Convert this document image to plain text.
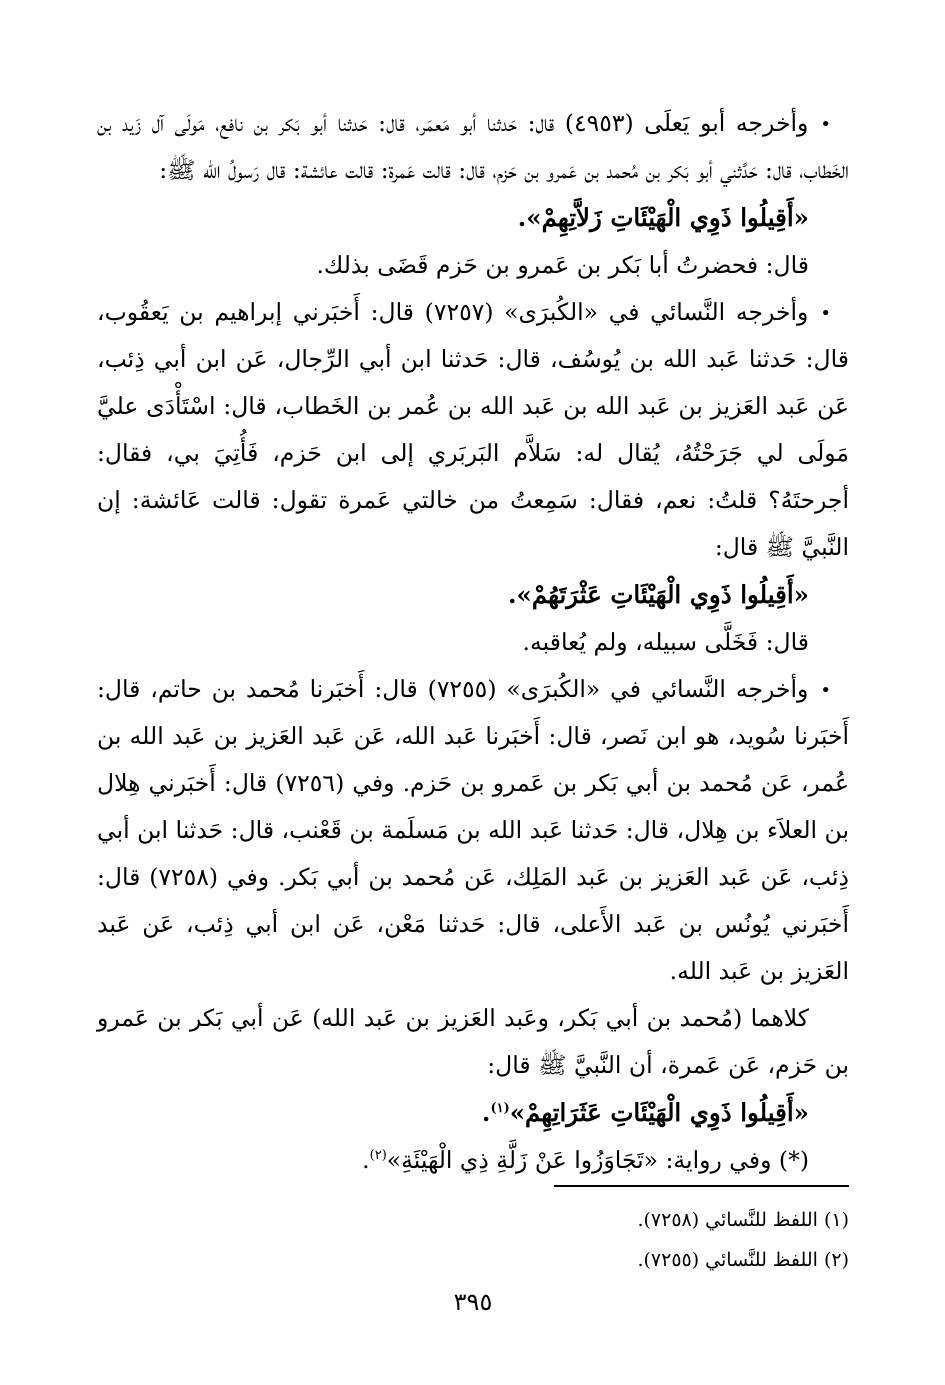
•وأخرجه أبو يَعلَى (٤٩٥٣) قال: حَدثنا أبو مَعمَر، قال: حَدثنا أبو بَكر بن نافع، مَولَى آل زَيد بن الخَطاب، قال: حَدَّثني أبو بَكر بن مُحمد بن عَمرو بن حَزم، قال: قالت عَمرة: قالت عائشة: قال رَسولُ الله ﷺ:

«أَقِيلُوا ذَوِي الْهَيْئَاتِ زَلاَّتِهِمْ».

قال: فحضرتُ أبا بَكر بن عَمرو بن حَزم قَضَى بذلك.

•وأخرجه النَّسائي في «الكُبرَى» (٧٢٥٧) قال: أَخبَرني إبراهيم بن يَعقُوب، قال: حَدثنا عَبد الله بن يُوسُف، قال: حَدثنا ابن أبي الرِّجال، عَن ابن أبي ذِئب، عَن عَبد العَزيز بن عَبد الله بن عَبد الله بن عُمر بن الخَطاب، قال: اسْتَأْدَى عليَّ مَولَى لي جَرَحْتُهُ، يُقال له: سَلاَّم البَربَري إلى ابن حَزم، فَأُتِيَ بي، فقال: أجرحتَهُ؟ قلتُ: نعم، فقال: سَمِعتُ من خالتي عَمرة تقول: قالت عَائشة: إن النَّبيَّ ﷺ قال:

«أَقِيلُوا ذَوِي الْهَيْئَاتِ عَثْرَتَهُمْ».

قال: فَخَلَّى سبيله، ولم يُعاقبه.

•وأخرجه النَّسائي في «الكُبرَى» (٧٢٥٥) قال: أَخبَرنا مُحمد بن حاتم، قال: أَخبَرنا سُويد، هو ابن نَصر، قال: أَخبَرنا عَبد الله، عَن عَبد العَزيز بن عَبد الله بن عُمر، عَن مُحمد بن أبي بَكر بن عَمرو بن حَزم. وفي (٧٢٥٦) قال: أَخبَرني هِلال بن العلاَء بن هِلال، قال: حَدثنا عَبد الله بن مَسلَمة بن قَعْنب، قال: حَدثنا ابن أبي ذِئب، عَن عَبد العَزيز بن عَبد المَلِك، عَن مُحمد بن أبي بَكر. وفي (٧٢٥٨) قال: أَخبَرني يُونُس بن عَبد الأَعلى، قال: حَدثنا مَعْن، عَن ابن أبي ذِئب، عَن عَبد العَزيز بن عَبد الله.

كلاهما (مُحمد بن أبي بَكر، وعَبد العَزيز بن عَبد الله) عَن أبي بَكر بن عَمرو بن حَزم، عَن عَمرة، أن النَّبيَّ ﷺ قال:

«أَقِيلُوا ذَوِي الْهَيْئَاتِ عَثَرَاتِهِمْ»$^{(١)}$.

(*) وفي رواية: «تَجَاوَزُوا عَنْ زَلَّةِ ذِي الْهَيْئَةِ»$^{(٢)}$.

(١) اللفظ للنَّسائي (٧٢٥٨).

(٢) اللفظ للنَّسائي (٧٢٥٥).

٣٩٥
